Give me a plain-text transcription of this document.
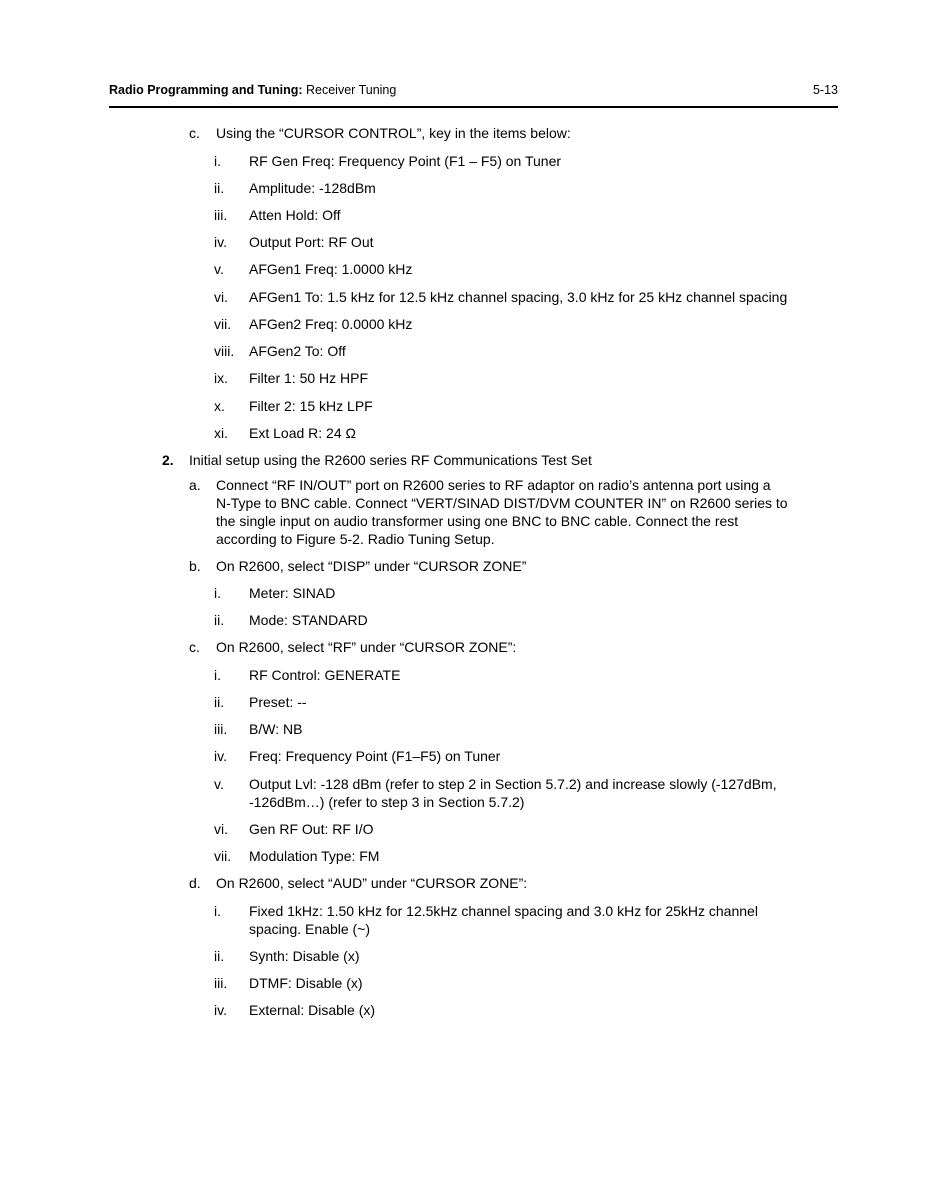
Radio Programming and Tuning: Receiver Tuning	5-13
c. Using the “CURSOR CONTROL”, key in the items below:
i. RF Gen Freq: Frequency Point (F1 – F5) on Tuner
ii. Amplitude: -128dBm
iii. Atten Hold: Off
iv. Output Port: RF Out
v. AFGen1 Freq: 1.0000 kHz
vi. AFGen1 To: 1.5 kHz for 12.5 kHz channel spacing, 3.0 kHz for 25 kHz channel spacing
vii. AFGen2 Freq: 0.0000 kHz
viii. AFGen2 To: Off
ix. Filter 1: 50 Hz HPF
x. Filter 2: 15 kHz LPF
xi. Ext Load R: 24 Ω
2. Initial setup using the R2600 series RF Communications Test Set
a. Connect “RF IN/OUT” port on R2600 series to RF adaptor on radio’s antenna port using a
N-Type to BNC cable. Connect “VERT/SINAD DIST/DVM COUNTER IN” on R2600 series to
the single input on audio transformer using one BNC to BNC cable. Connect the rest
according to Figure 5-2. Radio Tuning Setup.
b. On R2600, select “DISP” under “CURSOR ZONE”
i. Meter: SINAD
ii. Mode: STANDARD
c. On R2600, select “RF” under “CURSOR ZONE”:
i. RF Control: GENERATE
ii. Preset: --
iii. B/W: NB
iv. Freq: Frequency Point (F1–F5) on Tuner
v. Output Lvl: -128 dBm (refer to step 2 in Section 5.7.2) and increase slowly (-127dBm,
-126dBm…) (refer to step 3 in Section 5.7.2)
vi. Gen RF Out: RF I/O
vii. Modulation Type: FM
d. On R2600, select “AUD” under “CURSOR ZONE”:
i. Fixed 1kHz: 1.50 kHz for 12.5kHz channel spacing and 3.0 kHz for 25kHz channel
spacing. Enable (~)
ii. Synth: Disable (x)
iii. DTMF: Disable (x)
iv. External: Disable (x)
